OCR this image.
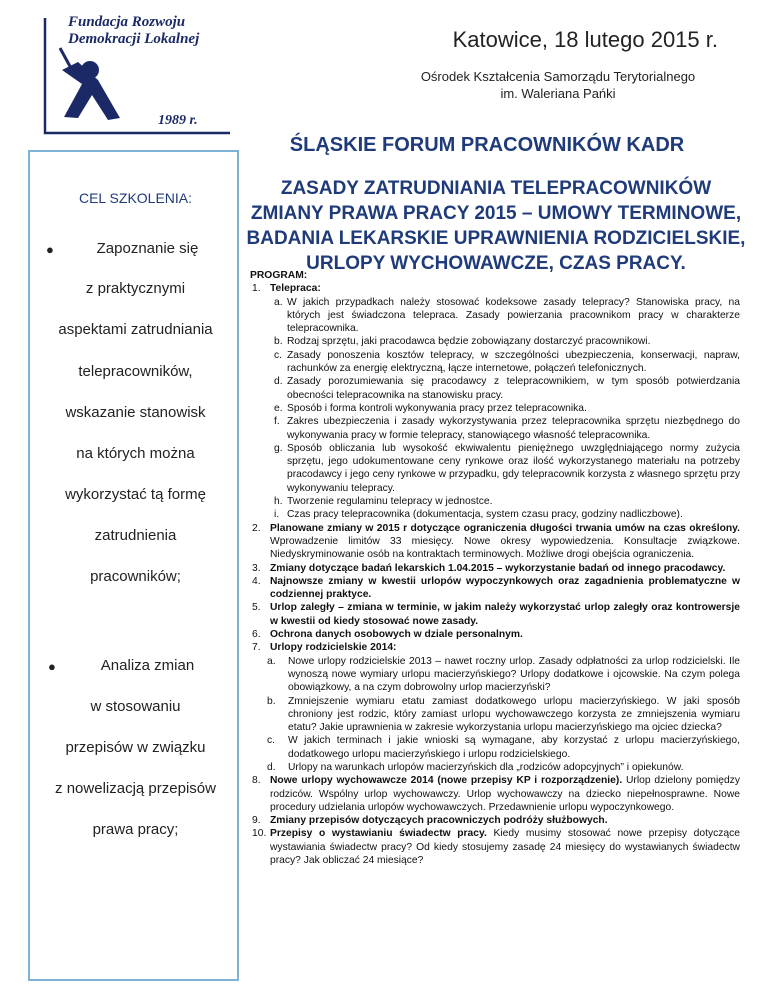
Fundacja Rozwoju
Demokracji Lokalnej
1989 r.
Katowice, 18 lutego 2015 r.
Ośrodek Kształcenia Samorządu Terytorialnego
im. Waleriana Pańki
ŚLĄSKIE FORUM PRACOWNIKÓW KADR
CEL SZKOLENIA:
●	Zapoznanie się
z praktycznymi
aspektami zatrudniania
telepracowników,
wskazanie stanowisk
na których można
wykorzystać tą formę
zatrudnienia
pracowników;
●	Analiza zmian
w stosowaniu
przepisów w związku
z nowelizacją przepisów
prawa pracy;
ZASADY ZATRUDNIANIA TELEPRACOWNIKÓW
ZMIANY PRAWA PRACY 2015 – UMOWY TERMINOWE,
BADANIA LEKARSKIE UPRAWNIENIA RODZICIELSKIE,
URLOPY WYCHOWAWCZE, CZAS PRACY.
PROGRAM:
1. Telepraca:
a. W jakich przypadkach należy stosować kodeksowe zasady telepracy? Stanowiska pracy, na których jest świadczona telepraca. Zasady powierzania pracownikom pracy w charakterze telepracownika.
b. Rodzaj sprzętu, jaki pracodawca będzie zobowiązany dostarczyć pracownikowi.
c. Zasady ponoszenia kosztów telepracy, w szczególności ubezpieczenia, konserwacji, napraw, rachunków za energię elektryczną, łącze internetowe, połączeń telefonicznych.
d. Zasady porozumiewania się pracodawcy z telepracownikiem, w tym sposób potwierdzania obecności telepracownika na stanowisku pracy.
e. Sposób i forma kontroli wykonywania pracy przez telepracownika.
f. Zakres ubezpieczenia i zasady wykorzystywania przez telepracownika sprzętu niezbędnego do wykonywania pracy w formie telepracy, stanowiącego własność telepracownika.
g. Sposób obliczania lub wysokość ekwiwalentu pieniężnego uwzględniającego normy zużycia sprzętu, jego udokumentowane ceny rynkowe oraz ilość wykorzystanego materiału na potrzeby pracodawcy i jego ceny rynkowe w przypadku, gdy telepracownik korzysta z własnego sprzętu przy wykonywaniu telepracy.
h. Tworzenie regulaminu telepracy w jednostce.
i. Czas pracy telepracownika (dokumentacja, system czasu pracy, godziny nadliczbowe).
2. Planowane zmiany w 2015 r dotyczące ograniczenia długości trwania umów na czas określony. Wprowadzenie limitów 33 miesięcy. Nowe okresy wypowiedzenia. Konsultacje związkowe. Niedyskryminowanie osób na kontraktach terminowych. Możliwe drogi obejścia ograniczenia.
3. Zmiany dotyczące badań lekarskich 1.04.2015 – wykorzystanie badań od innego pracodawcy.
4. Najnowsze zmiany w kwestii urlopów wypoczynkowych oraz zagadnienia problematyczne w codziennej praktyce.
5. Urlop zaległy – zmiana w terminie, w jakim należy wykorzystać urlop zaległy oraz kontrowersje w kwestii od kiedy stosować nowe zasady.
6. Ochrona danych osobowych w dziale personalnym.
7. Urlopy rodzicielskie 2014:
a. Nowe urlopy rodzicielskie 2013 – nawet roczny urlop. Zasady odpłatności za urlop rodzicielski. Ile wynoszą nowe wymiary urlopu macierzyńskiego? Urlopy dodatkowe i ojcowskie. Na czym polega obowiązkowy, a na czym dobrowolny urlop macierzyński?
b. Zmniejszenie wymiaru etatu zamiast dodatkowego urlopu macierzyńskiego. W jaki sposób chroniony jest rodzic, który zamiast urlopu wychowawczego korzysta ze zmniejszenia wymiaru etatu? Jakie uprawnienia w zakresie wykorzystania urlopu macierzyńskiego ma ojciec dziecka?
c. W jakich terminach i jakie wnioski są wymagane, aby korzystać z urlopu macierzyńskiego, dodatkowego urlopu macierzyńskiego i urlopu rodzicielskiego.
d. Urlopy na warunkach urlopów macierzyńskich dla „rodziców adopcyjnych” i opiekunów.
8. Nowe urlopy wychowawcze 2014 (nowe przepisy KP i rozporządzenie). Urlop dzielony pomiędzy rodziców. Wspólny urlop wychowawczy. Urlop wychowawczy na dziecko niepełnosprawne. Nowe procedury udzielania urlopów wychowawczych. Przedawnienie urlopu wypoczynkowego.
9. Zmiany przepisów dotyczących pracowniczych podróży służbowych.
10. Przepisy o wystawianiu świadectw pracy. Kiedy musimy stosować nowe przepisy dotyczące wystawiania świadectw pracy? Od kiedy stosujemy zasadę 24 miesięcy do wystawianych świadectw pracy? Jak obliczać 24 miesiące?
